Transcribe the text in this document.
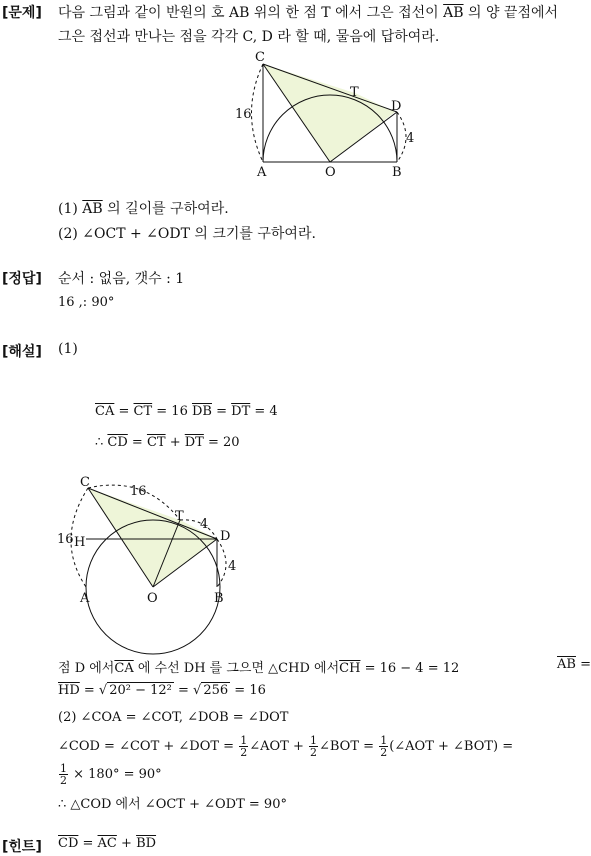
[문제] 다음 그림과 같이 반원의 호 AB 위의 한 점 T 에서 그은 접선이 $\overline{AB}$ 의 양 끝점에서
그은 접선과 만나는 점을 각각 C, D 라 할 때, 물음에 답하여라.
C
T
D
A	O	B
16
4
(1) $\overline{AB}$ 의 길이를 구하여라.
(2) ∠OCT + ∠ODT 의 크기를 구하여라.
[정답] 순서 : 없음, 갯수 : 1
16 ,: 90°
[해설] (1)
$\overline{CA} = \overline{CT} = 16$ $\overline{DB} = \overline{DT} = 4$
∴ $\overline{CD} = \overline{CT} + \overline{DT} = 20$
C
T
D
H
A	O	B
16
16
4
4
점 D 에서$\overline{CA}$ 에 수선 DH 를 그으면 △CHD 에서$\overline{CH} = 16 - 4 = 12$	$\overline{AB}$ =
$\overline{HD}$ = √ 20² − 12² = √ 256 = 16
(2) ∠COA = ∠COT, ∠DOB = ∠DOT
∠COD = ∠COT + ∠DOT = $\frac{1}{2}$ ∠AOT + $\frac{1}{2}$ ∠BOT = $\frac{1}{2}$ (∠AOT + ∠BOT) =
$\frac{1}{2} \times 180^\circ = 90^\circ$
∴ △COD 에서 ∠OCT + ∠ODT = 90°
[힌트] $\overline{CD} = \overline{AC} + \overline{BD}$
